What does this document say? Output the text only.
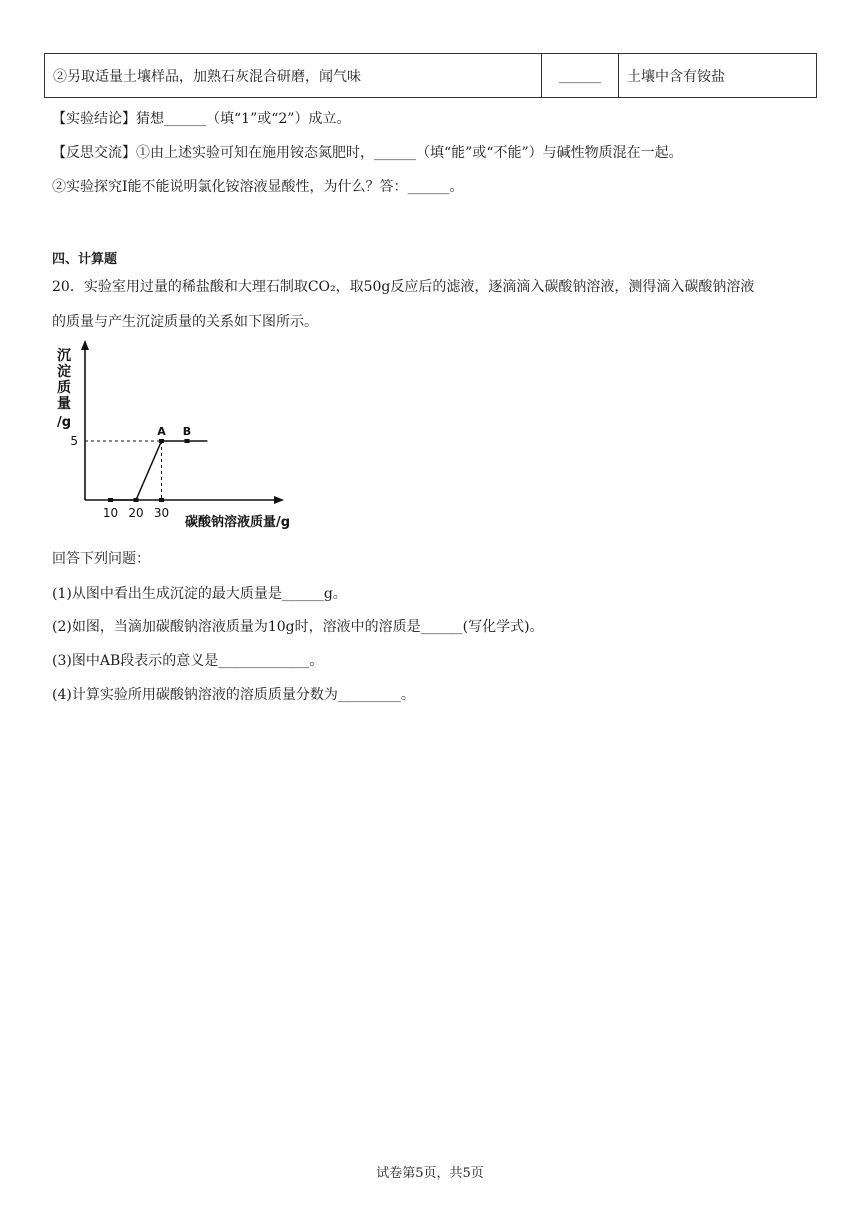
②另取适量土壤样品，加熟石灰混合研磨，闻气味	______	土壤中含有铵盐
【实验结论】猜想______（填“1”或“2”）成立。
【反思交流】①由上述实验可知在施用铵态氮肥时，______（填“能”或“不能”）与碱性物质混在一起。
②实验探究Ⅰ能不能说明氯化铵溶液显酸性，为什么？答：______。
四、计算题
20．实验室用过量的稀盐酸和大理石制取CO₂，取50g反应后的滤液，逐滴滴入碳酸钠溶液，测得滴入碳酸钠溶液
的质量与产生沉淀质量的关系如下图所示。
10 20 30
5
A B
沉
淀
质
量
/g
碳酸钠溶液质量/g
回答下列问题：
(1)从图中看出生成沉淀的最大质量是______g。
(2)如图，当滴加碳酸钠溶液质量为10g时，溶液中的溶质是______(写化学式)。
(3)图中AB段表示的意义是_____________。
(4)计算实验所用碳酸钠溶液的溶质质量分数为_________。
试卷第5页，共5页
